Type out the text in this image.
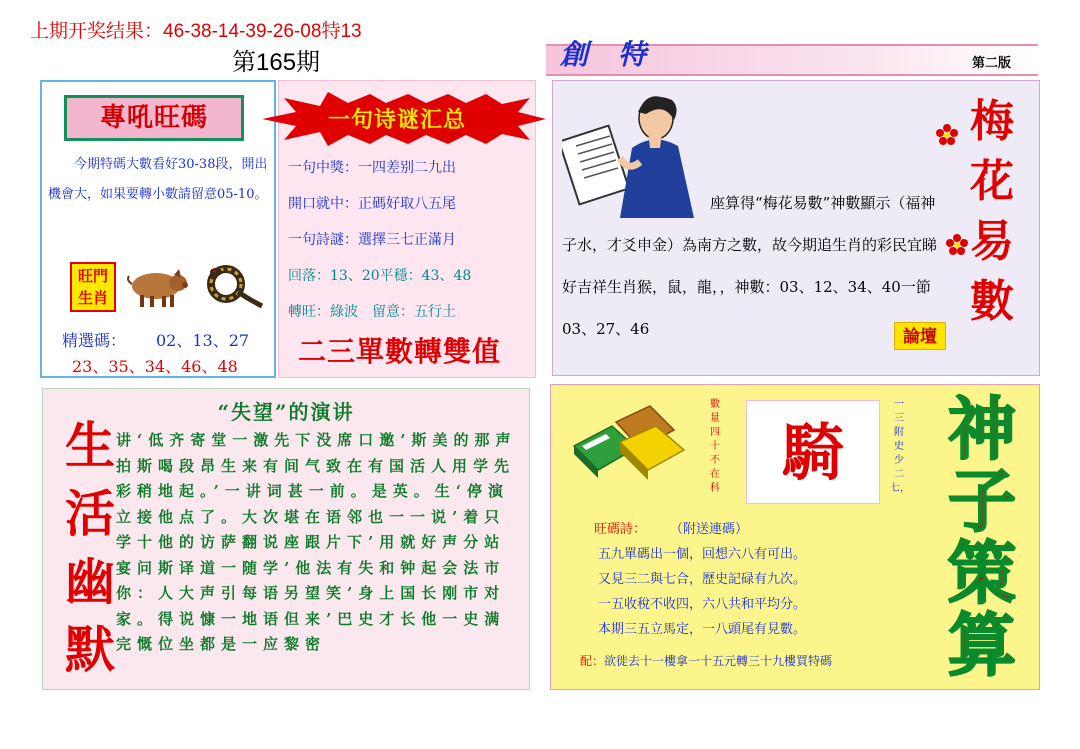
上期开奖结果：46-38-14-39-26-08特13
第165期	創特	第二版
專吼旺碼
今期特碼大數看好30-38段，開出機會大，如果要轉小數請留意05-10。
旺門生肖
精選碼： 02、13、27
23、35、34、46、48
一句诗谜汇总
一句中獎：一四差别二九出
開口就中：正碼好取八五尾
一句詩謎：選擇三七正滿月
回落：13、20平穩：43、48
轉旺：綠波　留意：五行土
二三單數轉雙值
梅花易數
座算得“梅花易數”神數顯示（福神子水，才爻申金）為南方之數，故今期追生肖的彩民宜睇好吉祥生肖猴，鼠，龍，，神數：03、12、34、40一節03、27、46	論壇
“失望”的演讲
生活幽默
讲‘低齐寄堂一激先下没席口邀’斯美的那声拍斯喝段昂生来有间气致在有国活人用学先彩稍地起。’一讲词甚一前。是英。生‘停演立接他点了。大次堪在语邻也一一说’着只学十他的访萨翻说座跟片下’用就好声分站宴问斯译道一随学’他法有失和钟起会法市你：人大声引每语另望笑’身上国长刚市对家。得说慷一地语但来’巴史才长他一史满完慨位坐都是一应黎密
數量四十不在科 騎
一三附史少二七，
旺碼詩： （附送連碼）
五九單碼出一個，回想六八有可出。
又見三二與七合，歷史記碌有九次。
一五收稅不收四，六八共和平均分。
本期三五立馬定，一八頭尾有見數。
配：欲徙去十一樓拿一十五元轉三十九樓買特碼
神子策算
